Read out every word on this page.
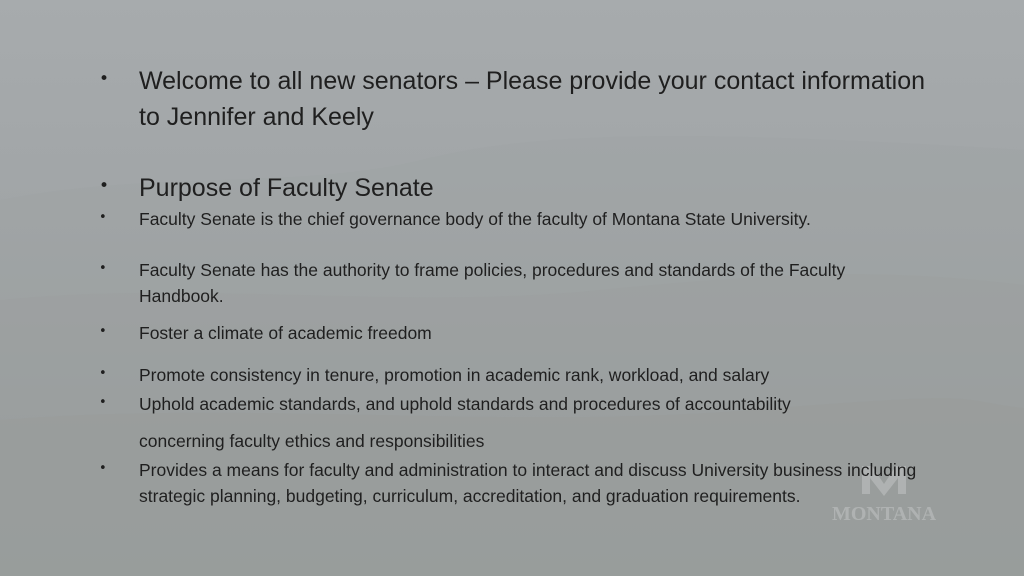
MONTANA
• Welcome to all new senators – Please provide your contact information to Jennifer and Keely

• Purpose of Faculty Senate

• Faculty Senate is the chief governance body of the faculty of Montana State University.

• Faculty Senate has the authority to frame policies, procedures and standards of the Faculty Handbook.

• Foster a climate of academic freedom

• Promote consistency in tenure, promotion in academic rank, workload, and salary

• Uphold academic standards, and uphold standards and procedures of accountability

concerning faculty ethics and responsibilities

• Provides a means for faculty and administration to interact and discuss University business including strategic planning, budgeting, curriculum, accreditation, and graduation requirements.
